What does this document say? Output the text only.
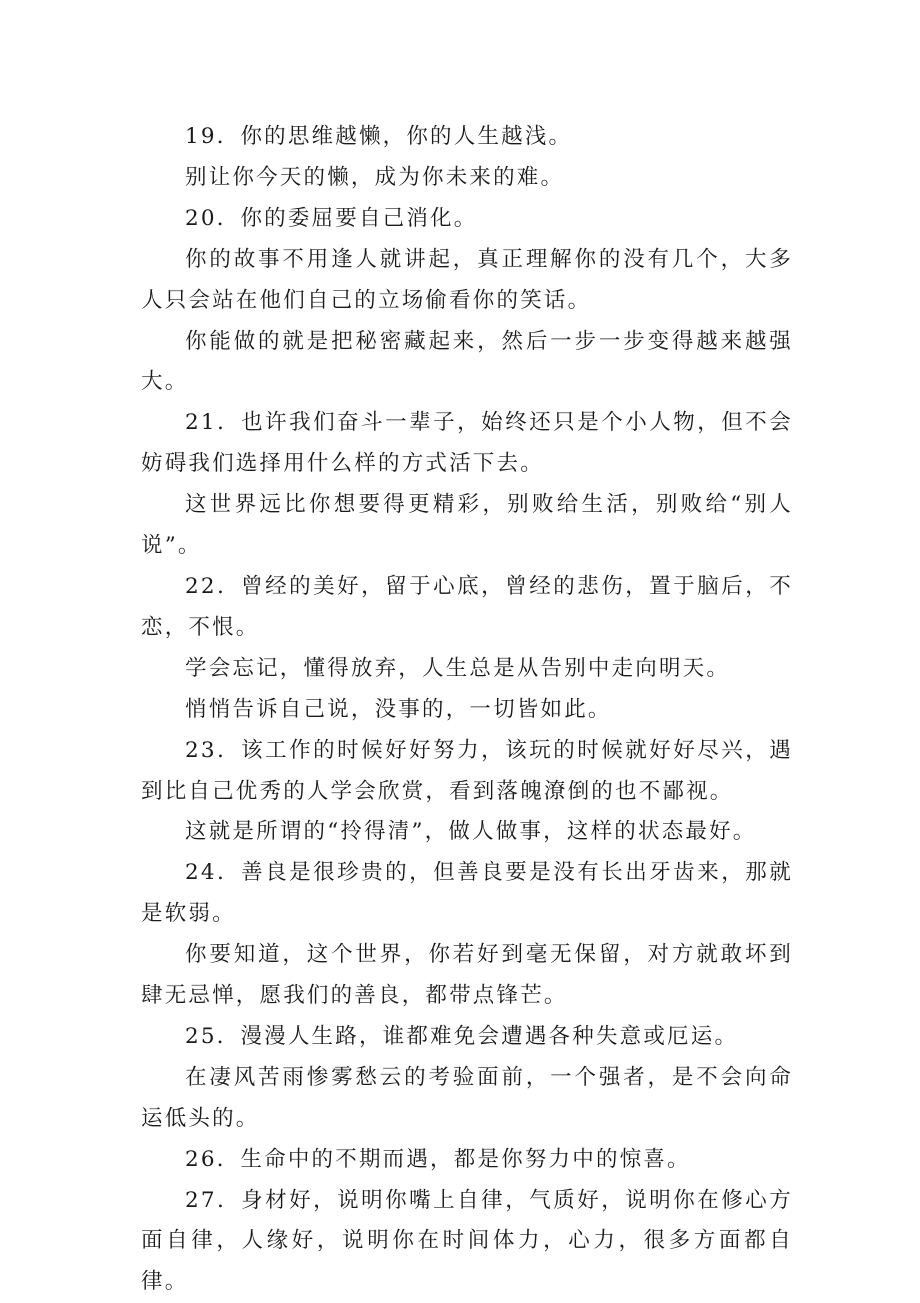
19．你的思维越懒，你的人生越浅。

别让你今天的懒，成为你未来的难。

20．你的委屈要自己消化。

你的故事不用逢人就讲起，真正理解你的没有几个，大多人只会站在他们自己的立场偷看你的笑话。

你能做的就是把秘密藏起来，然后一步一步变得越来越强大。

21．也许我们奋斗一辈子，始终还只是个小人物，但不会妨碍我们选择用什么样的方式活下去。

这世界远比你想要得更精彩，别败给生活，别败给“别人说”。

22．曾经的美好，留于心底，曾经的悲伤，置于脑后，不恋，不恨。

学会忘记，懂得放弃，人生总是从告别中走向明天。

悄悄告诉自己说，没事的，一切皆如此。

23．该工作的时候好好努力，该玩的时候就好好尽兴，遇到比自己优秀的人学会欣赏，看到落魄潦倒的也不鄙视。

这就是所谓的“拎得清”，做人做事，这样的状态最好。

24．善良是很珍贵的，但善良要是没有长出牙齿来，那就是软弱。

你要知道，这个世界，你若好到毫无保留，对方就敢坏到肆无忌惮，愿我们的善良，都带点锋芒。

25．漫漫人生路，谁都难免会遭遇各种失意或厄运。

在凄风苦雨惨雾愁云的考验面前，一个强者，是不会向命运低头的。

26．生命中的不期而遇，都是你努力中的惊喜。

27．身材好，说明你嘴上自律，气质好，说明你在修心方面自律，人缘好，说明你在时间体力，心力，很多方面都自律。
